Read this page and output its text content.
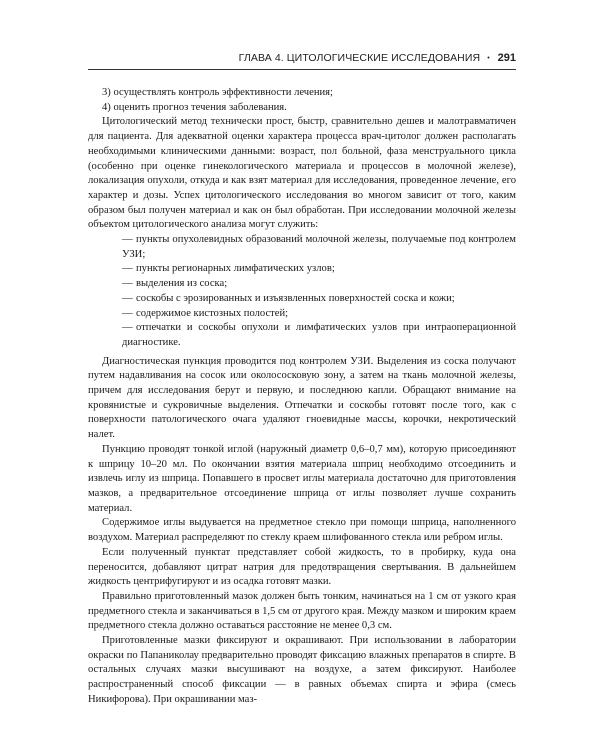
ГЛАВА 4. ЦИТОЛОГИЧЕСКИЕ ИССЛЕДОВАНИЯ • 291

3) осуществлять контроль эффективности лечения;

4) оценить прогноз течения заболевания.

Цитологический метод технически прост, быстр, сравнительно дешев и малотравматичен для пациента. Для адекватной оценки характера процесса врач-цитолог должен располагать необходимыми клиническими данными: возраст, пол больной, фаза менструального цикла (особенно при оценке гинекологического материала и процессов в молочной железе), локализация опухоли, откуда и как взят материал для исследования, проведенное лечение, его характер и дозы. Успех цитологического исследования во многом зависит от того, каким образом был получен материал и как он был обработан. При исследовании молочной железы объектом цитологического анализа могут служить:

— пункты опухолевидных образований молочной железы, получаемые под контролем УЗИ;

— пункты регионарных лимфатических узлов;

— выделения из соска;

— соскобы с эрозированных и изъязвленных поверхностей соска и кожи;

— содержимое кистозных полостей;

— отпечатки и соскобы опухоли и лимфатических узлов при интраоперационной диагностике.

Диагностическая пункция проводится под контролем УЗИ. Выделения из соска получают путем надавливания на сосок или околососковую зону, а затем на ткань молочной железы, причем для исследования берут и первую, и последнюю капли. Обращают внимание на кровянистые и сукровичные выделения. Отпечатки и соскобы готовят после того, как с поверхности патологического очага удаляют гноевидные массы, корочки, некротический налет.

Пункцию проводят тонкой иглой (наружный диаметр 0,6–0,7 мм), которую присоединяют к шприцу 10–20 мл. По окончании взятия материала шприц необходимо отсоединить и извлечь иглу из шприца. Попавшего в просвет иглы материала достаточно для приготовления мазков, а предварительное отсоединение шприца от иглы позволяет лучше сохранить материал.

Содержимое иглы выдувается на предметное стекло при помощи шприца, наполненного воздухом. Материал распределяют по стеклу краем шлифованного стекла или ребром иглы.

Если полученный пунктат представляет собой жидкость, то в пробирку, куда она переносится, добавляют цитрат натрия для предотвращения свертывания. В дальнейшем жидкость центрифугируют и из осадка готовят мазки.

Правильно приготовленный мазок должен быть тонким, начинаться на 1 см от узкого края предметного стекла и заканчиваться в 1,5 см от другого края. Между мазком и широким краем предметного стекла должно оставаться расстояние не менее 0,3 см.

Приготовленные мазки фиксируют и окрашивают. При использовании в лаборатории окраски по Папаниколау предварительно проводят фиксацию влажных препаратов в спирте. В остальных случаях мазки высушивают на воздухе, а затем фиксируют. Наиболее распространенный способ фиксации — в равных объемах спирта и эфира (смесь Никифорова). При окрашивании маз-
